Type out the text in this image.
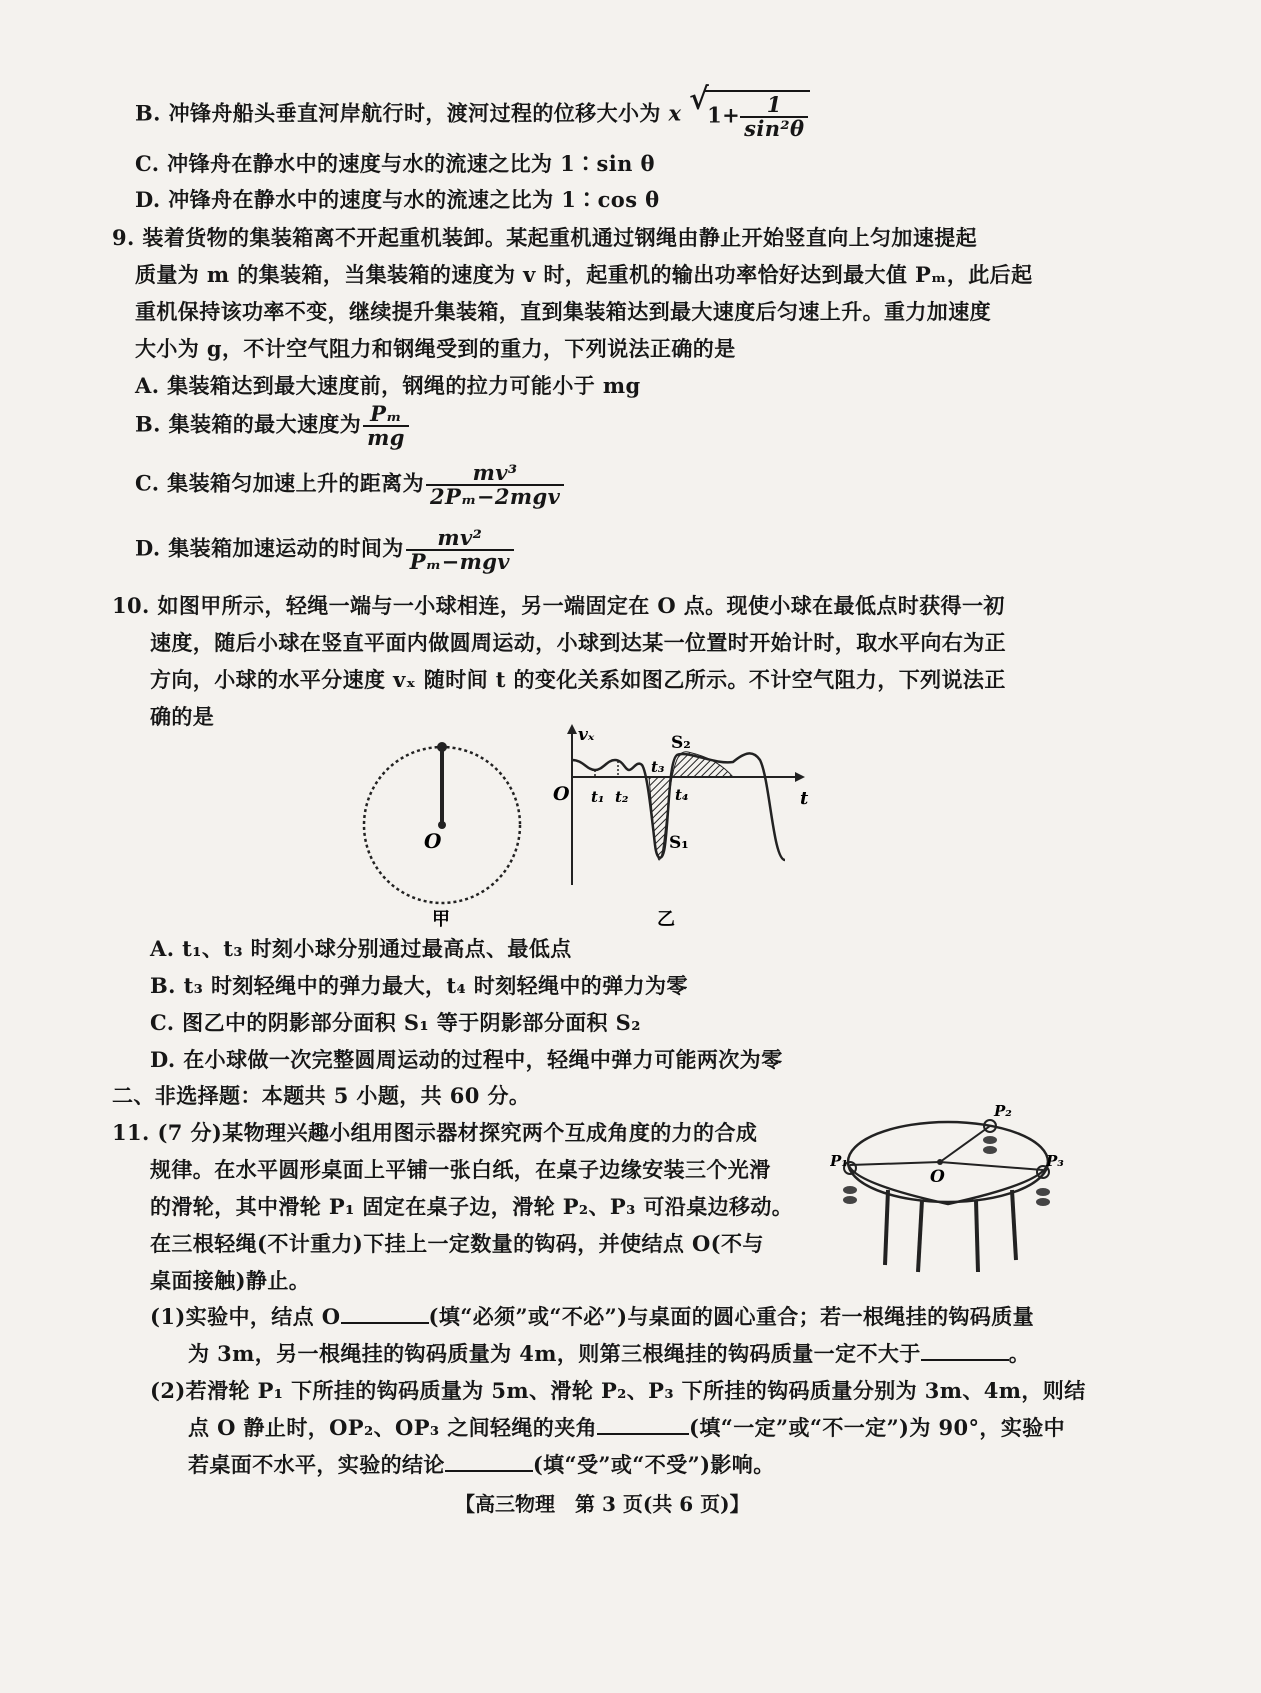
B. 冲锋舟船头垂直河岸航行时，渡河过程的位移大小为 x √
$1+ \frac{1}{\text{sin²θ}}$
C. 冲锋舟在静水中的速度与水的流速之比为 1∶sin θ
D. 冲锋舟在静水中的速度与水的流速之比为 1∶cos θ
9. 装着货物的集装箱离不开起重机装卸。某起重机通过钢绳由静止开始竖直向上匀加速提起
质量为 m 的集装箱，当集装箱的速度为 v 时，起重机的输出功率恰好达到最大值 Pₘ，此后起
重机保持该功率不变，继续提升集装箱，直到集装箱达到最大速度后匀速上升。重力加速度
大小为 g，不计空气阻力和钢绳受到的重力，下列说法正确的是
A. 集装箱达到最大速度前，钢绳的拉力可能小于 mg
B. 集装箱的最大速度为 $\frac{\text{Pₘ}}{mg}$
C. 集装箱匀加速上升的距离为 $\frac{\text{mv³}}{\text{2Pₘ−2mgv}}$
D. 集装箱加速运动的时间为 $\frac{\text{mv²}}{\text{Pₘ−mgv}}$
10. 如图甲所示，轻绳一端与一小球相连，另一端固定在 O 点。现使小球在最低点时获得一初
速度，随后小球在竖直平面内做圆周运动，小球到达某一位置时开始计时，取水平向右为正
方向，小球的水平分速度 vₓ 随时间 t 的变化关系如图乙所示。不计空气阻力，下列说法正
确的是
O
甲
O
vₓ
t
t₁ t₂
t₃
t₄
S₂
S₁
乙
A. t₁、t₃ 时刻小球分别通过最高点、最低点
B. t₃ 时刻轻绳中的弹力最大，t₄ 时刻轻绳中的弹力为零
C. 图乙中的阴影部分面积 S₁ 等于阴影部分面积 S₂
D. 在小球做一次完整圆周运动的过程中，轻绳中弹力可能两次为零
二、非选择题：本题共 5 小题，共 60 分。
11. (7 分)某物理兴趣小组用图示器材探究两个互成角度的力的合成
规律。在水平圆形桌面上平铺一张白纸，在桌子边缘安装三个光滑
的滑轮，其中滑轮 P₁ 固定在桌子边，滑轮 P₂、P₃ 可沿桌边移动。
在三根轻绳(不计重力)下挂上一定数量的钩码，并使结点 O(不与
桌面接触)静止。
O
P₁
P₂
P₃
(1)实验中，结点 O	(填“必须”或“不必”)与桌面的圆心重合；若一根绳挂的钩码质量
为 3m，另一根绳挂的钩码质量为 4m，则第三根绳挂的钩码质量一定不大于	。
(2)若滑轮 P₁ 下所挂的钩码质量为 5m、滑轮 P₂、P₃ 下所挂的钩码质量分别为 3m、4m，则结
点 O 静止时，OP₂、OP₃ 之间轻绳的夹角	(填“一定”或“不一定”)为 90°，实验中
若桌面不水平，实验的结论	(填“受”或“不受”)影响。
【高三物理　第 3 页(共 6 页)】
